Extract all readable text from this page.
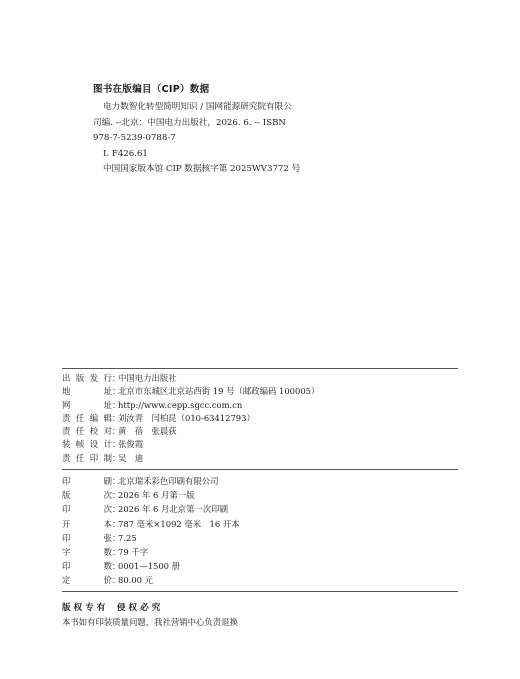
图书在版编目（CIP）数据
电力数智化转型简明知识 / 国网能源研究院有限公
司编. --北京：中国电力出版社，2026. 6. -- ISBN
978-7-5239-0788-7
Ⅰ. F426.61
中国国家版本馆 CIP 数据核字第 2025WV3772 号
出版发行 ：
中国电力出版社
地址 ：
北京市东城区北京站西街 19 号（邮政编码 100005）
网址 ：
http://www.cepp.sgcc.com.cn
责任编辑 ：
刘汝青　闫柏昆（010-63412793）
责任校对 ：
黄　蓓　张晨荻
装帧设计 ：
张俊霞
责任印制 ：
吴　迪
印刷 ：
北京瑞禾彩色印刷有限公司
版次 ：
2026 年 6 月第一版
印次 ：
2026 年 6 月北京第一次印刷
开本 ：
787 毫米×1092 毫米　16 开本
印张 ：
7.25
字数 ：
79 千字
印数 ：
0001—1500 册
定价 ：
80.00 元
版 权 专 有　 侵 权 必 究
本书如有印装质量问题，我社营销中心负责退换
